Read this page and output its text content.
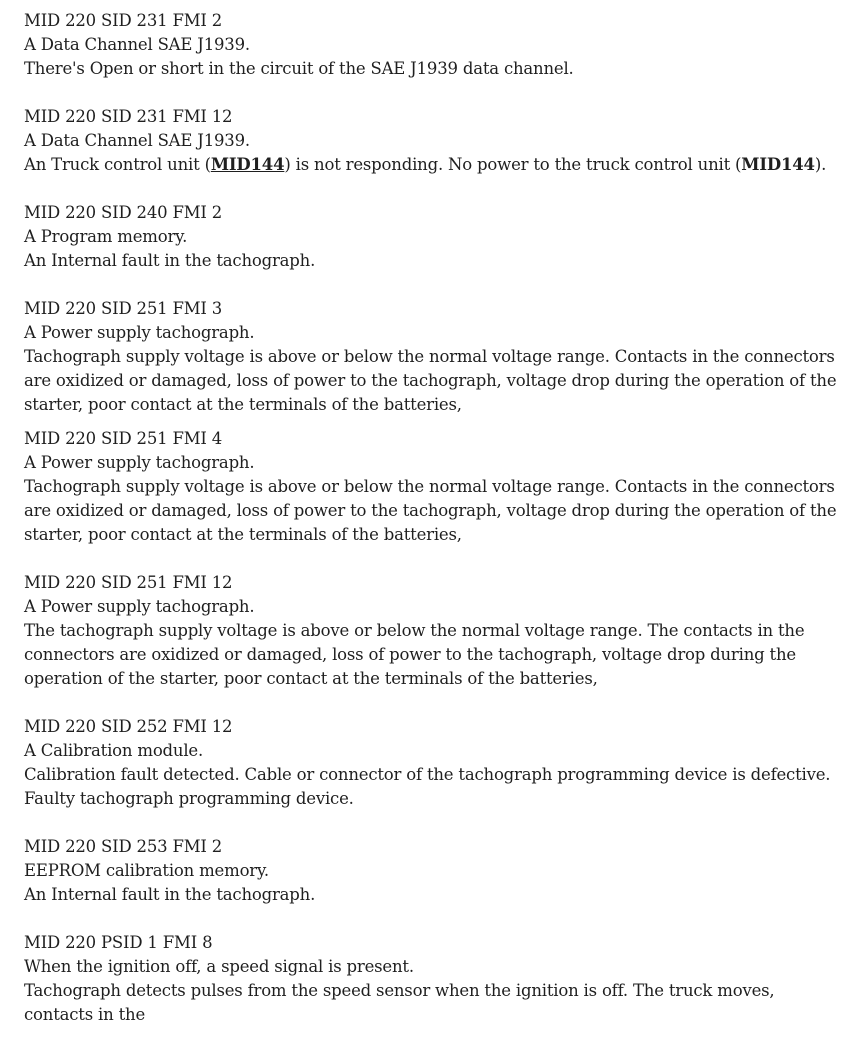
MID 220 SID 231 FMI 2
A Data Channel SAE J1939.
There's Open or short in the circuit of the SAE J1939 data channel.
MID 220 SID 231 FMI 12
A Data Channel SAE J1939.
An Truck control unit (MID144) is not responding. No power to the truck control unit (MID144).
MID 220 SID 240 FMI 2
A Program memory.
An Internal fault in the tachograph.
MID 220 SID 251 FMI 3
A Power supply tachograph.
Tachograph supply voltage is above or below the normal voltage range. Contacts in the connectors are oxidized or damaged, loss of power to the tachograph, voltage drop during the operation of the starter, poor contact at the terminals of the batteries,
MID 220 SID 251 FMI 4
A Power supply tachograph.
Tachograph supply voltage is above or below the normal voltage range. Contacts in the connectors are oxidized or damaged, loss of power to the tachograph, voltage drop during the operation of the starter, poor contact at the terminals of the batteries,
MID 220 SID 251 FMI 12
A Power supply tachograph.
The tachograph supply voltage is above or below the normal voltage range. The contacts in the connectors are oxidized or damaged, loss of power to the tachograph, voltage drop during the operation of the starter, poor contact at the terminals of the batteries,
MID 220 SID 252 FMI 12
A Calibration module.
Calibration fault detected. Cable or connector of the tachograph programming device is defective. Faulty tachograph programming device.
MID 220 SID 253 FMI 2
EEPROM calibration memory.
An Internal fault in the tachograph.
MID 220 PSID 1 FMI 8
When the ignition off, a speed signal is present.
Tachograph detects pulses from the speed sensor when the ignition is off. The truck moves, contacts in the
